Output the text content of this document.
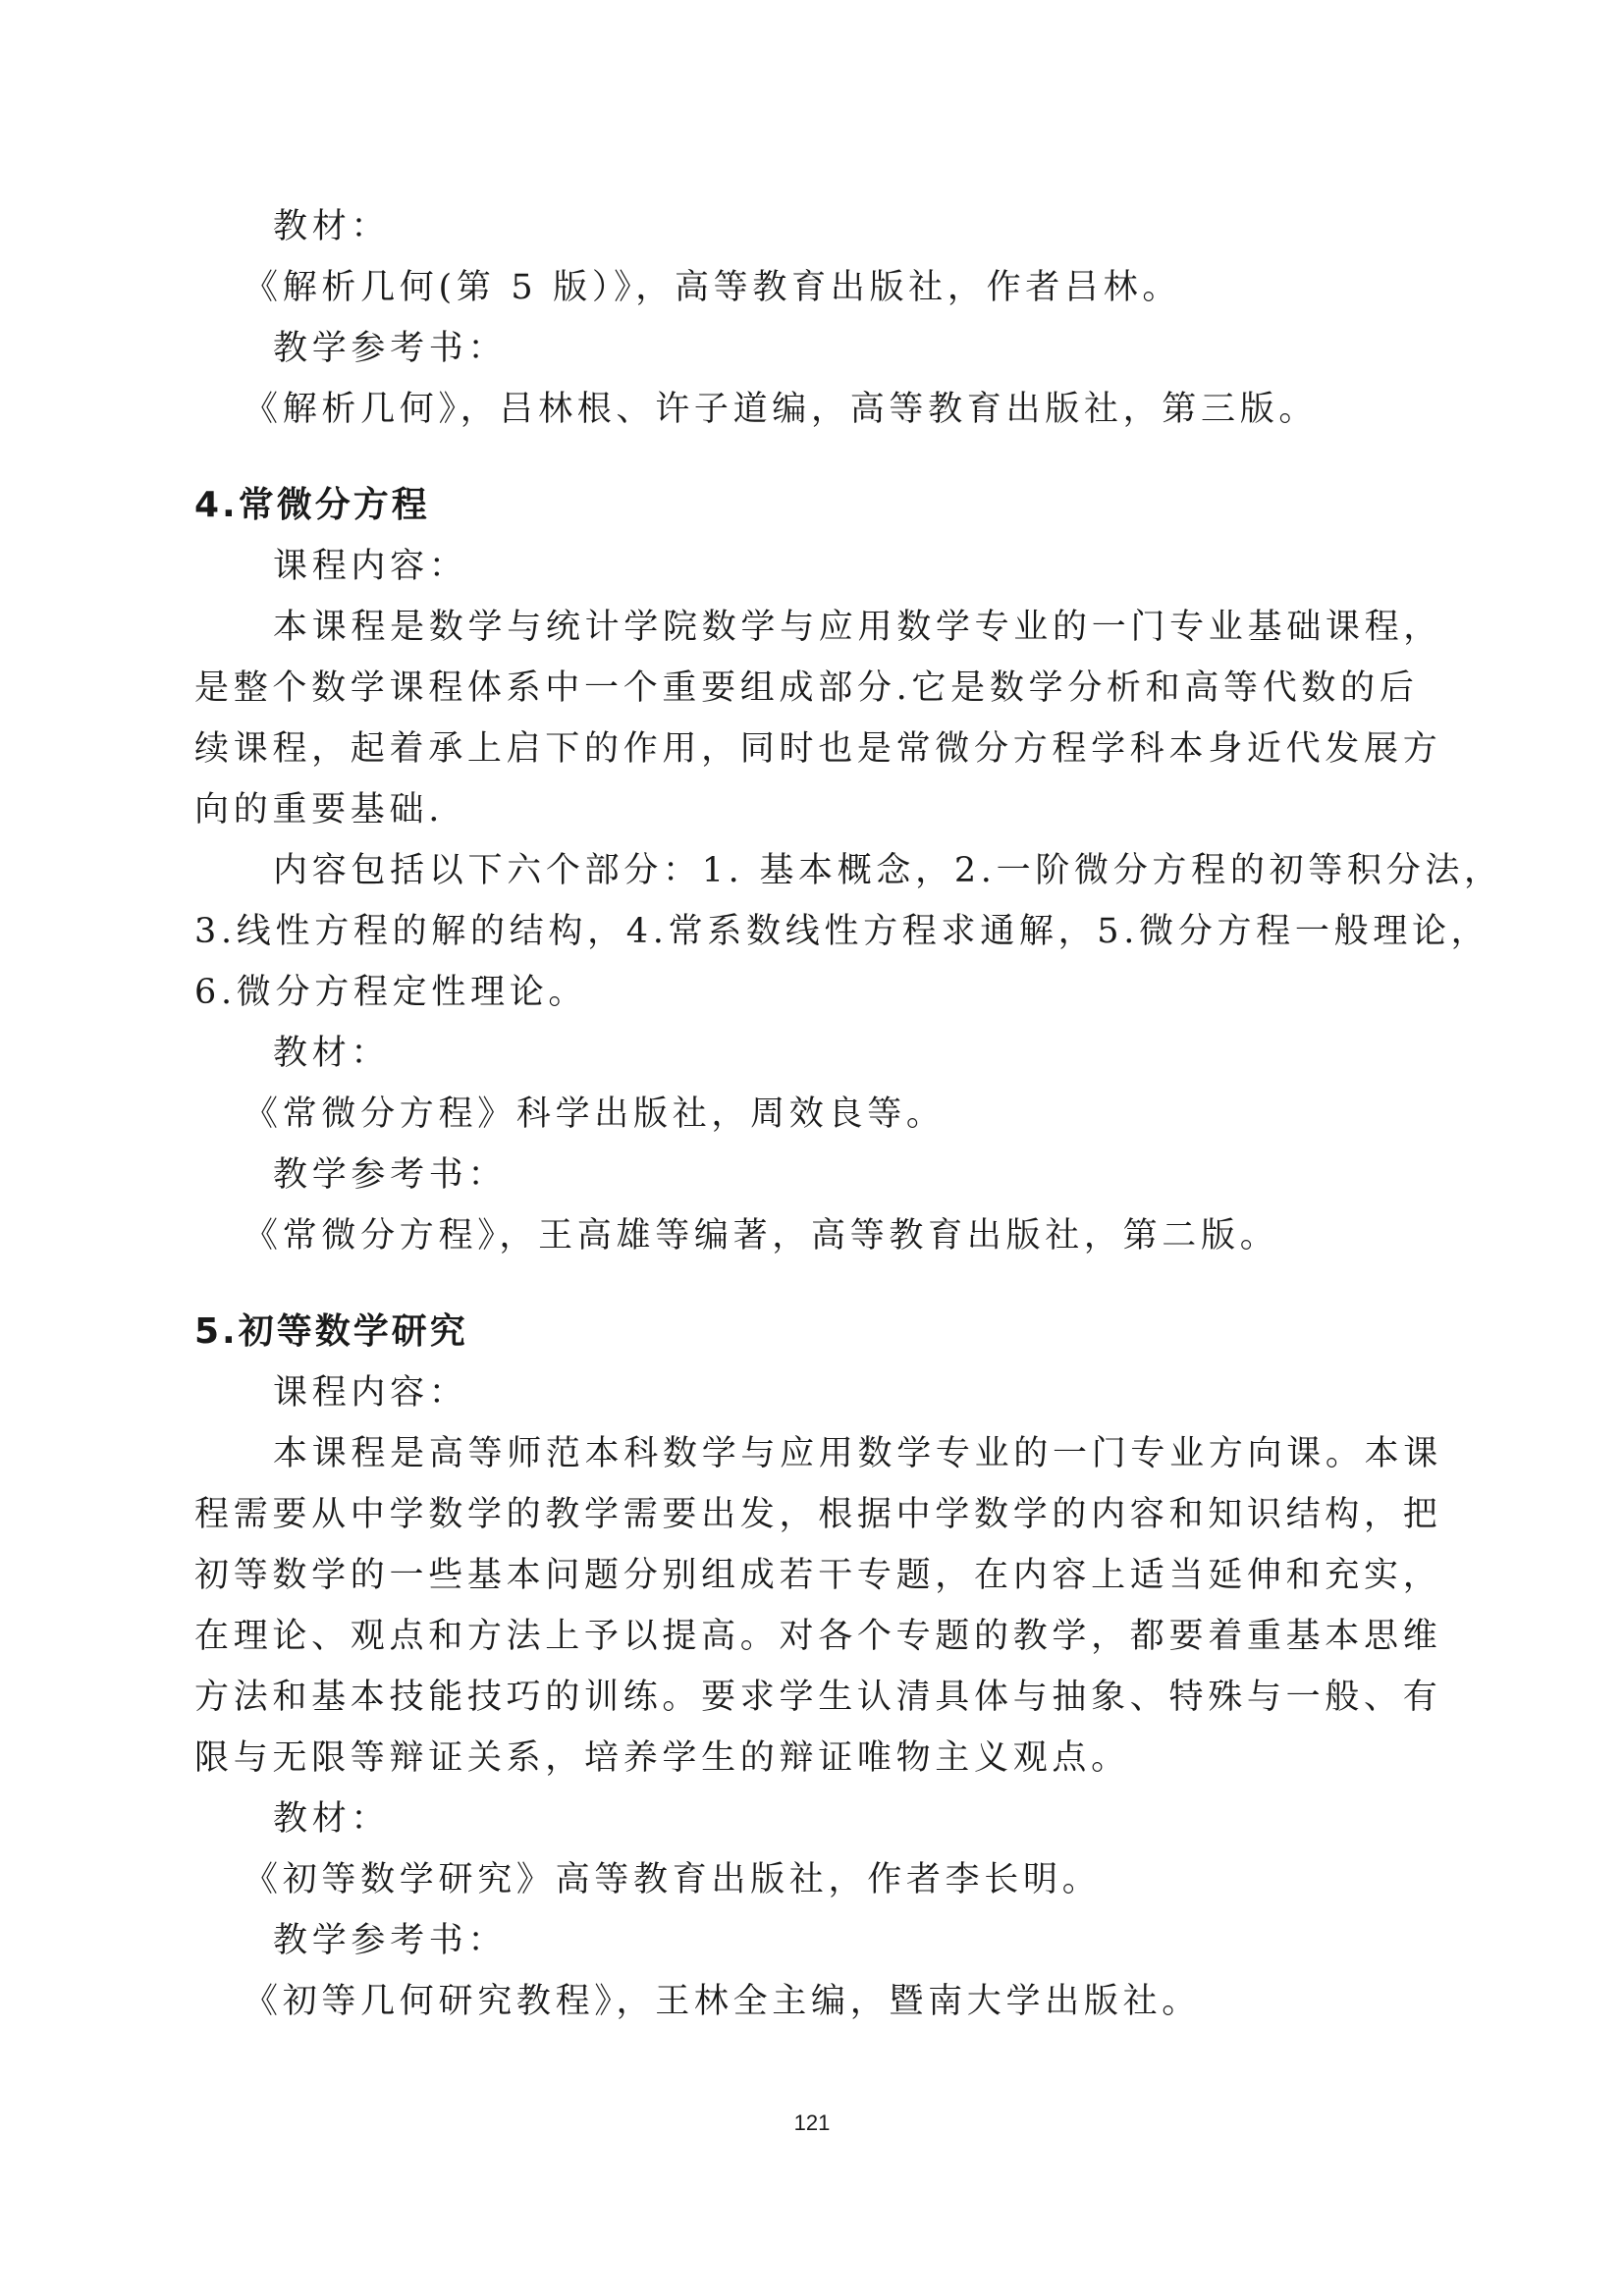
教材：
《解析几何(第 5 版）》，高等教育出版社，作者吕林。
教学参考书：
《解析几何》，吕林根、许子道编，高等教育出版社，第三版。
4.常微分方程
课程内容：
本课程是数学与统计学院数学与应用数学专业的一门专业基础课程，
是整个数学课程体系中一个重要组成部分.它是数学分析和高等代数的后
续课程，起着承上启下的作用，同时也是常微分方程学科本身近代发展方
向的重要基础.
内容包括以下六个部分：1. 基本概念，2.一阶微分方程的初等积分法，
3.线性方程的解的结构，4.常系数线性方程求通解，5.微分方程一般理论，
6.微分方程定性理论。
教材：
《常微分方程》科学出版社，周效良等。
教学参考书：
《常微分方程》，王高雄等编著，高等教育出版社，第二版。
5.初等数学研究
课程内容：
本课程是高等师范本科数学与应用数学专业的一门专业方向课。本课
程需要从中学数学的教学需要出发，根据中学数学的内容和知识结构，把
初等数学的一些基本问题分别组成若干专题，在内容上适当延伸和充实，
在理论、观点和方法上予以提高。对各个专题的教学，都要着重基本思维
方法和基本技能技巧的训练。要求学生认清具体与抽象、特殊与一般、有
限与无限等辩证关系，培养学生的辩证唯物主义观点。
教材：
《初等数学研究》高等教育出版社，作者李长明。
教学参考书：
《初等几何研究教程》，王林全主编，暨南大学出版社。
121
